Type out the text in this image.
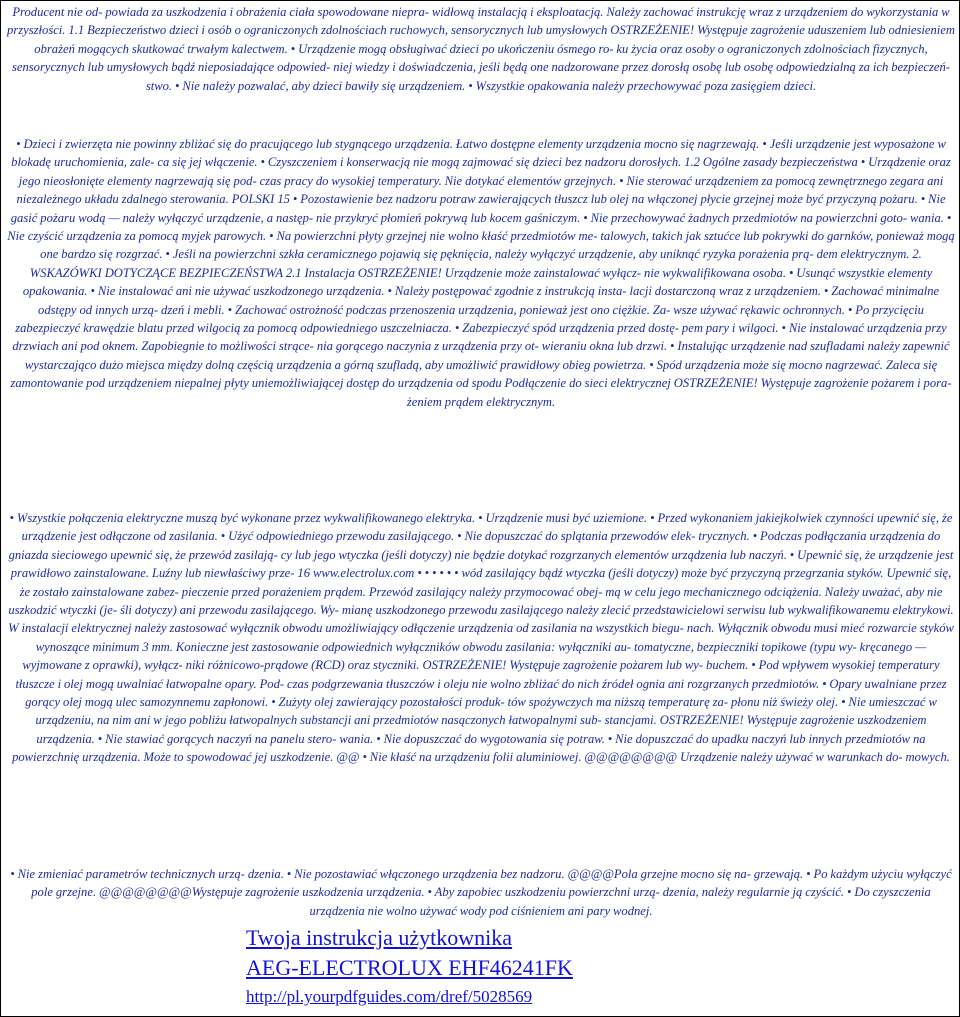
Producent nie od- powiada za uszkodzenia i obrażenia ciała spowodowane niepra- widłową instalacją i eksploatacją. Należy zachować instrukcję wraz z urządzeniem do wykorzystania w przyszłości. 1.1 Bezpieczeństwo dzieci i osób o ograniczonych zdolnościach ruchowych, sensorycznych lub umysłowych OSTRZEŻENIE! Występuje zagrożenie uduszeniem lub odniesieniem obrażeń mogących skutkować trwałym kalectwem. • Urządzenie mogą obsługiwać dzieci po ukończeniu ósmego ro- ku życia oraz osoby o ograniczonych zdolnościach fizycznych, sensorycznych lub umysłowych bądź nieposiadające odpowied- niej wiedzy i doświadczenia, jeśli będą one nadzorowane przez dorosłą osobę lub osobę odpowiedzialną za ich bezpieczeń- stwo. • Nie należy pozwalać, aby dzieci bawiły się urządzeniem. • Wszystkie opakowania należy przechowywać poza zasięgiem dzieci.

• Dzieci i zwierzęta nie powinny zbliżać się do pracującego lub stygnącego urządzenia. Łatwo dostępne elementy urządzenia mocno się nagrzewają. • Jeśli urządzenie jest wyposażone w blokadę uruchomienia, zale- ca się jej włączenie. • Czyszczeniem i konserwacją nie mogą zajmować się dzieci bez nadzoru dorosłych. 1.2 Ogólne zasady bezpieczeństwa • Urządzenie oraz jego nieosłonięte elementy nagrzewają się pod- czas pracy do wysokiej temperatury. Nie dotykać elementów grzejnych. • Nie sterować urządzeniem za pomocą zewnętrznego zegara ani niezależnego układu zdalnego sterowania. POLSKI 15 • Pozostawienie bez nadzoru potraw zawierających tłuszcz lub olej na włączonej płycie grzejnej może być przyczyną pożaru. • Nie gasić pożaru wodą — należy wyłączyć urządzenie, a następ- nie przykryć płomień pokrywą lub kocem gaśniczym. • Nie przechowywać żadnych przedmiotów na powierzchni goto- wania. • Nie czyścić urządzenia za pomocą myjek parowych. • Na powierzchni płyty grzejnej nie wolno kłaść przedmiotów me- talowych, takich jak sztućce lub pokrywki do garnków, ponieważ mogą one bardzo się rozgrzać. • Jeśli na powierzchni szkła ceramicznego pojawią się pęknięcia, należy wyłączyć urządzenie, aby uniknąć ryzyka porażenia prą- dem elektrycznym. 2. WSKAZÓWKI DOTYCZĄCE BEZPIECZEŃSTWA 2.1 Instalacja OSTRZEŻENIE! Urządzenie może zainstalować wyłącz- nie wykwalifikowana osoba. • Usunąć wszystkie elementy opakowania. • Nie instalować ani nie używać uszkodzonego urządzenia. • Należy postępować zgodnie z instrukcją insta- lacji dostarczoną wraz z urządzeniem. • Zachować minimalne odstępy od innych urzą- dzeń i mebli. • Zachować ostrożność podczas przenoszenia urządzenia, ponieważ jest ono ciężkie. Za- wsze używać rękawic ochronnych. • Po przycięciu zabezpieczyć krawędzie blatu przed wilgocią za pomocą odpowiedniego uszczelniacza. • Zabezpieczyć spód urządzenia przed dostę- pem pary i wilgoci. • Nie instalować urządzenia przy drzwiach ani pod oknem. Zapobiegnie to możliwości strące- nia gorącego naczynia z urządzenia przy ot- wieraniu okna lub drzwi. • Instalując urządzenie nad szufladami należy zapewnić wystarczająco dużo miejsca między dolną częścią urządzenia a górną szufladą, aby umożliwić prawidłowy obieg powietrza. • Spód urządzenia może się mocno nagrzewać. Zaleca się zamontowanie pod urządzeniem niepalnej płyty uniemożliwiającej dostęp do urządzenia od spodu Podłączenie do sieci elektrycznej OSTRZEŻENIE! Występuje zagrożenie pożarem i pora- żeniem prądem elektrycznym.

• Wszystkie połączenia elektryczne muszą być wykonane przez wykwalifikowanego elektryka. • Urządzenie musi być uziemione. • Przed wykonaniem jakiejkolwiek czynności upewnić się, że urządzenie jest odłączone od zasilania. • Użyć odpowiedniego przewodu zasilającego. • Nie dopuszczać do splątania przewodów elek- trycznych. • Podczas podłączania urządzenia do gniazda sieciowego upewnić się, że przewód zasilają- cy lub jego wtyczka (jeśli dotyczy) nie będzie dotykać rozgrzanych elementów urządzenia lub naczyń. • Upewnić się, że urządzenie jest prawidłowo zainstalowane. Luźny lub niewłaściwy prze- 16 www.electrolux.com • • • • • • wód zasilający bądź wtyczka (jeśli dotyczy) może być przyczyną przegrzania styków. Upewnić się, że zostało zainstalowane zabez- pieczenie przed porażeniem prądem. Przewód zasilający należy przymocować obej- mą w celu jego mechanicznego odciążenia. Należy uważać, aby nie uszkodzić wtyczki (je- śli dotyczy) ani przewodu zasilającego. Wy- mianę uszkodzonego przewodu zasilającego należy zlecić przedstawicielowi serwisu lub wykwalifikowanemu elektrykowi. W instalacji elektrycznej należy zastosować wyłącznik obwodu umożliwiający odłączenie urządzenia od zasilania na wszystkich biegu- nach. Wyłącznik obwodu musi mieć rozwarcie styków wynoszące minimum 3 mm. Konieczne jest zastosowanie odpowiednich wyłączników obwodu zasilania: wyłączniki au- tomatyczne, bezpieczniki topikowe (typu wy- kręcanego — wyjmowane z oprawki), wyłącz- niki różnicowo-prądowe (RCD) oraz styczniki. OSTRZEŻENIE! Występuje zagrożenie pożarem lub wy- buchem. • Pod wpływem wysokiej temperatury tłuszcze i olej mogą uwalniać łatwopalne opary. Pod- czas podgrzewania tłuszczów i oleju nie wolno zbliżać do nich źródeł ognia ani rozgrzanych przedmiotów. • Opary uwalniane przez gorący olej mogą ulec samozynnemu zapłonowi. • Zużyty olej zawierający pozostałości produk- tów spożywczych ma niższą temperaturę za- płonu niż świeży olej. • Nie umieszczać w urządzeniu, na nim ani w jego pobliżu łatwopalnych substancji ani przedmiotów nasączonych łatwopalnymi sub- stancjami. OSTRZEŻENIE! Występuje zagrożenie uszkodzeniem urządzenia. • Nie stawiać gorących naczyń na panelu stero- wania. • Nie dopuszczać do wygotowania się potraw. • Nie dopuszczać do upadku naczyń lub innych przedmiotów na powierzchnię urządzenia. Może to spowodować jej uszkodzenie. @@ • Nie kłaść na urządzeniu folii aluminiowej. @@@@@@@@ Urządzenie należy używać w warunkach do- mowych.

• Nie zmieniać parametrów technicznych urzą- dzenia. • Nie pozostawiać włączonego urządzenia bez nadzoru. @@@@Pola grzejne mocno się na- grzewają. • Po każdym użyciu wyłączyć pole grzejne. @@@@@@@@Występuje zagrożenie uszkodzenia urządzenia. • Aby zapobiec uszkodzeniu powierzchni urzą- dzenia, należy regularnie ją czyścić. • Do czyszczenia urządzenia nie wolno używać wody pod ciśnieniem ani pary wodnej.

Twoja instrukcja użytkownika
AEG-ELECTROLUX EHF46241FK
http://pl.yourpdfguides.com/dref/5028569
